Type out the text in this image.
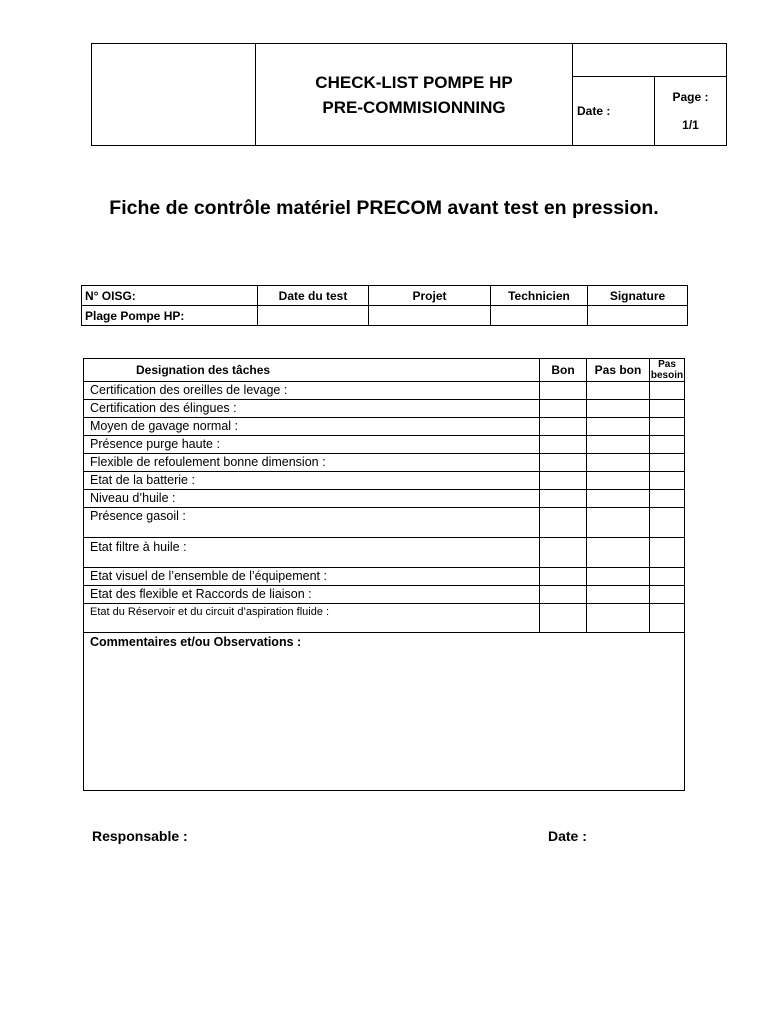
	CHECK-LIST POMPE HP
PRE-COMMISIONNING		

		Date :	Page :
1/1
Fiche de contrôle matériel PRECOM avant test en pression.
N° OISG:	Date du test	Projet	Technicien	Signature
Plage Pompe HP:				
Designation des tâches	Bon	Pas bon	Pas besoin
Certification des oreilles de levage :			
Certification des élingues :			
Moyen de gavage normal :			
Présence purge haute :			
Flexible de refoulement bonne dimension :			
Etat de la batterie :			
Niveau d’huile :			
Présence gasoil :			
Etat filtre à huile :			
Etat visuel de l’ensemble de l’équipement :			
Etat des flexible et Raccords de liaison :			
Etat du Réservoir et du circuit d’aspiration fluide :			
Commentaires et/ou Observations :			
Responsable :	Date :
